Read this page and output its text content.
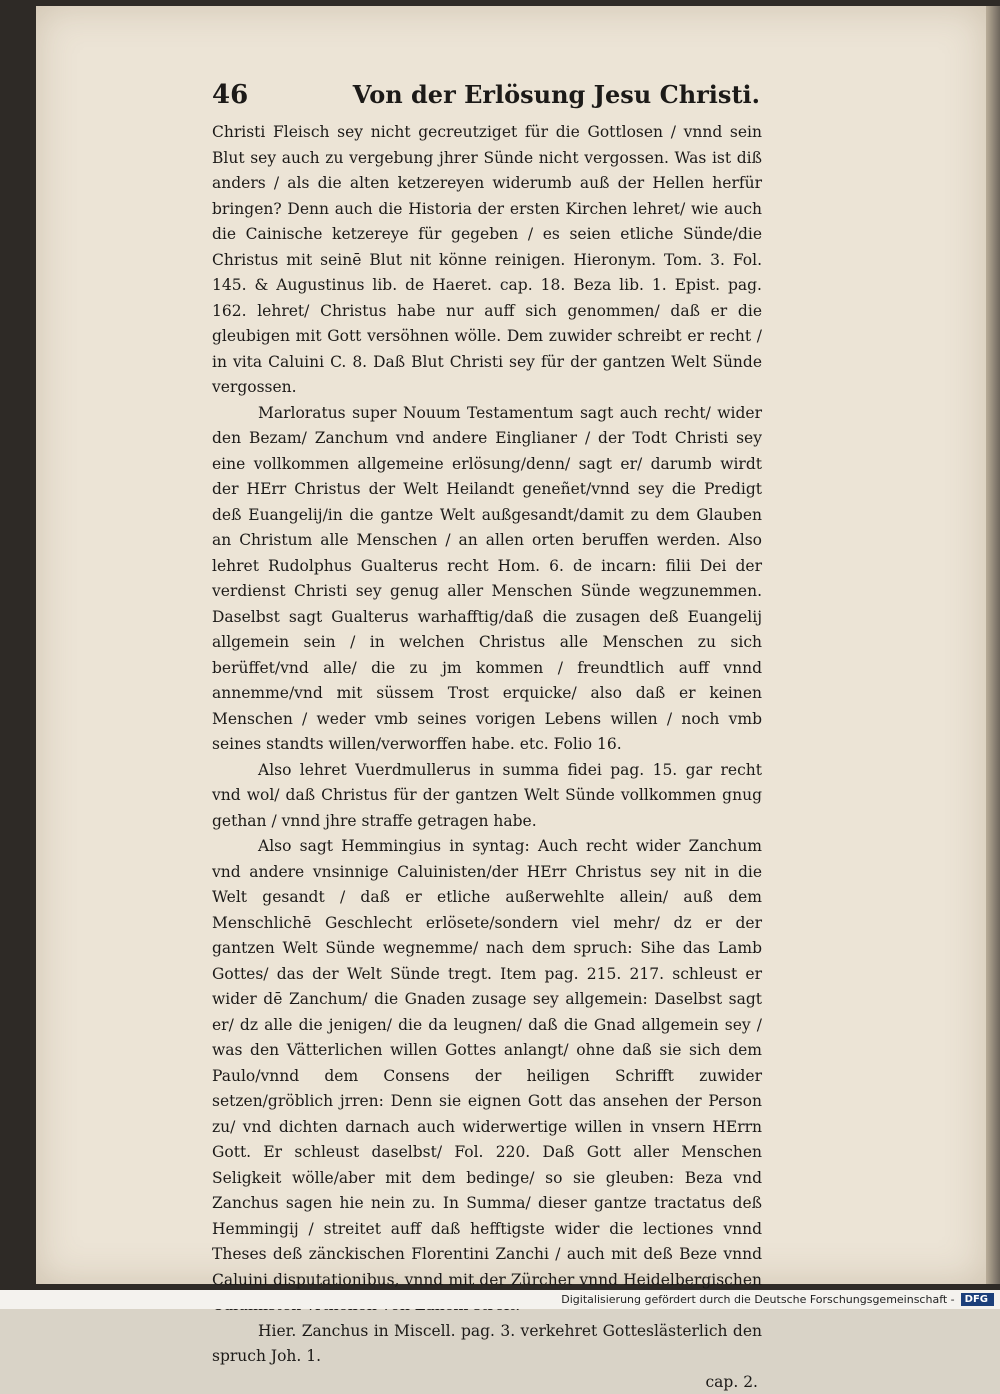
46	Von der Erlösung Jesu Christi.

Christi Fleisch sey nicht gecreutziget für die Gottlosen / vnnd sein Blut sey auch zu vergebung jhrer Sünde nicht vergossen. Was ist diß anders / als die alten ketzereyen widerumb auß der Hellen herfür bringen? Denn auch die Historia der ersten Kirchen lehret/ wie auch die Cainische ketzereye für gegeben / es seien etliche Sünde/die Christus mit seinē Blut nit könne reinigen. Hieronym. Tom. 3. Fol. 145. & Augustinus lib. de Haeret. cap. 18. Beza lib. 1. Epist. pag. 162. lehret/ Christus habe nur auff sich genommen/ daß er die gleubigen mit Gott versöhnen wölle. Dem zuwider schreibt er recht / in vita Caluini C. 8. Daß Blut Christi sey für der gantzen Welt Sünde vergossen.

Marloratus super Nouum Testamentum sagt auch recht/ wider den Bezam/ Zanchum vnd andere Einglianer / der Todt Christi sey eine vollkommen allgemeine erlösung/denn/ sagt er/ darumb wirdt der HErr Christus der Welt Heilandt geneñet/vnnd sey die Predigt deß Euangelij/in die gantze Welt außgesandt/damit zu dem Glauben an Christum alle Menschen / an allen orten beruffen werden. Also lehret Rudolphus Gualterus recht Hom. 6. de incarn: filii Dei der verdienst Christi sey genug aller Menschen Sünde wegzunemmen. Daselbst sagt Gualterus warhafftig/daß die zusagen deß Euangelij allgemein sein / in welchen Christus alle Menschen zu sich berüffet/vnd alle/ die zu jm kommen / freundtlich auff vnnd annemme/vnd mit süssem Trost erquicke/ also daß er keinen Menschen / weder vmb seines vorigen Lebens willen / noch vmb seines standts willen/verworffen habe. etc. Folio 16.

Also lehret Vuerdmullerus in summa fidei pag. 15. gar recht vnd wol/ daß Christus für der gantzen Welt Sünde vollkommen gnug gethan / vnnd jhre straffe getragen habe.

Also sagt Hemmingius in syntag: Auch recht wider Zanchum vnd andere vnsinnige Caluinisten/der HErr Christus sey nit in die Welt gesandt / daß er etliche außerwehlte allein/ auß dem Menschlichē Geschlecht erlösete/sondern viel mehr/ dz er der gantzen Welt Sünde wegnemme/ nach dem spruch: Sihe das Lamb Gottes/ das der Welt Sünde tregt. Item pag. 215. 217. schleust er wider dē Zanchum/ die Gnaden zusage sey allgemein: Daselbst sagt er/ dz alle die jenigen/ die da leugnen/ daß die Gnad allgemein sey / was den Vätterlichen willen Gottes anlangt/ ohne daß sie sich dem Paulo/vnnd dem Consens der heiligen Schrifft zuwider setzen/gröblich jrren: Denn sie eignen Gott das ansehen der Person zu/ vnd dichten darnach auch widerwertige willen in vnsern HErrn Gott. Er schleust daselbst/ Fol. 220. Daß Gott aller Menschen Seligkeit wölle/aber mit dem bedinge/ so sie gleuben: Beza vnd Zanchus sagen hie nein zu. In Summa/ dieser gantze tractatus deß Hemmingij / streitet auff daß hefftigste wider die lectiones vnnd Theses deß zänckischen Florentini Zanchi / auch mit deß Beze vnnd Caluini disputationibus, vnnd mit der Zürcher vnnd Heidelbergischen

Hier. Zanchus in Miscell. pag. 3. verkehret Gotteslästerlich den spruch Joh. 1.

cap. 2.
Digitalisierung gefördert durch die Deutsche Forschungsgemeinschaft -	DFG
